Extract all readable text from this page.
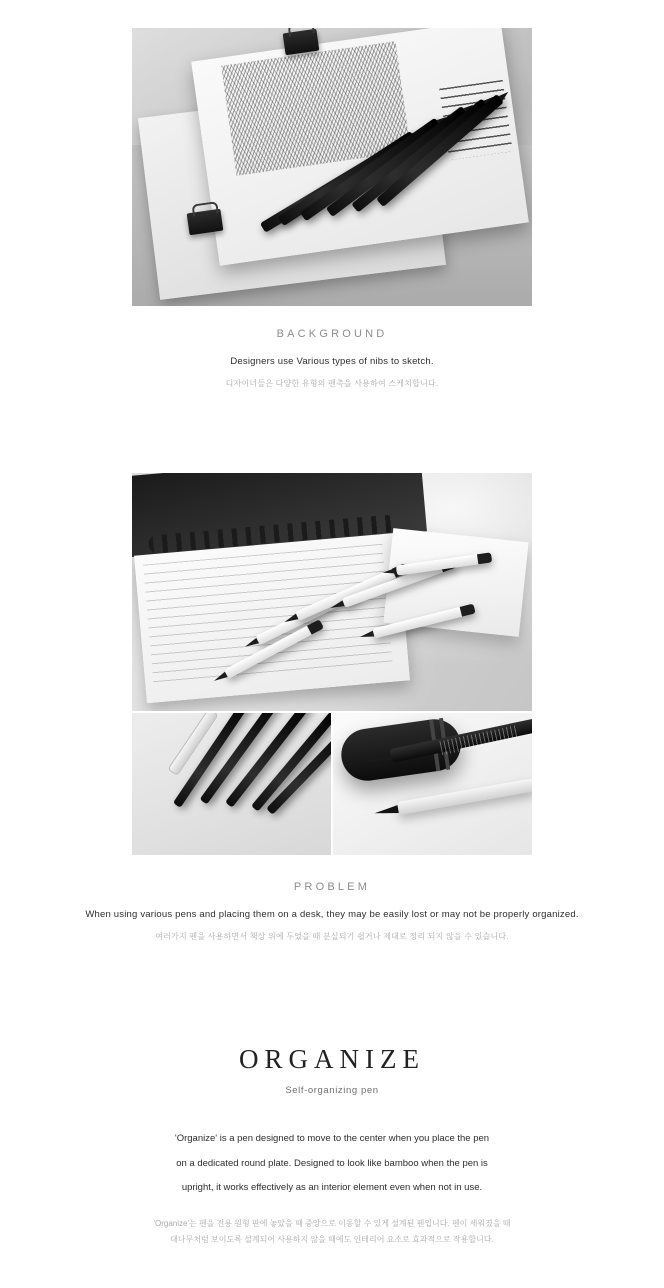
BACKGROUND
Designers use Various types of nibs to sketch.
디자이너들은 다양한 유형의 펜촉을 사용하여 스케치합니다.
PROBLEM
When using various pens and placing them on a desk, they may be easily lost or may not be properly organized.
여러가지 펜을 사용하면서 책상 위에 두었을 때 분실되기 쉽거나 제대로 정리 되지 않을 수 있습니다.
ORGANIZE
Self-organizing pen

'Organize' is a pen designed to move to the center when you place the pen

on a dedicated round plate. Designed to look like bamboo when the pen is

upright, it works effectively as an interior element even when not in use.

'Organize'는 펜을 전용 원형 판에 놓았을 때 중앙으로 이동할 수 있게 설계된 펜입니다. 펜이 세워졌을 때

대나무처럼 보이도록 설계되어 사용하지 않을 때에도 인테리어 요소로 효과적으로 작용합니다.
